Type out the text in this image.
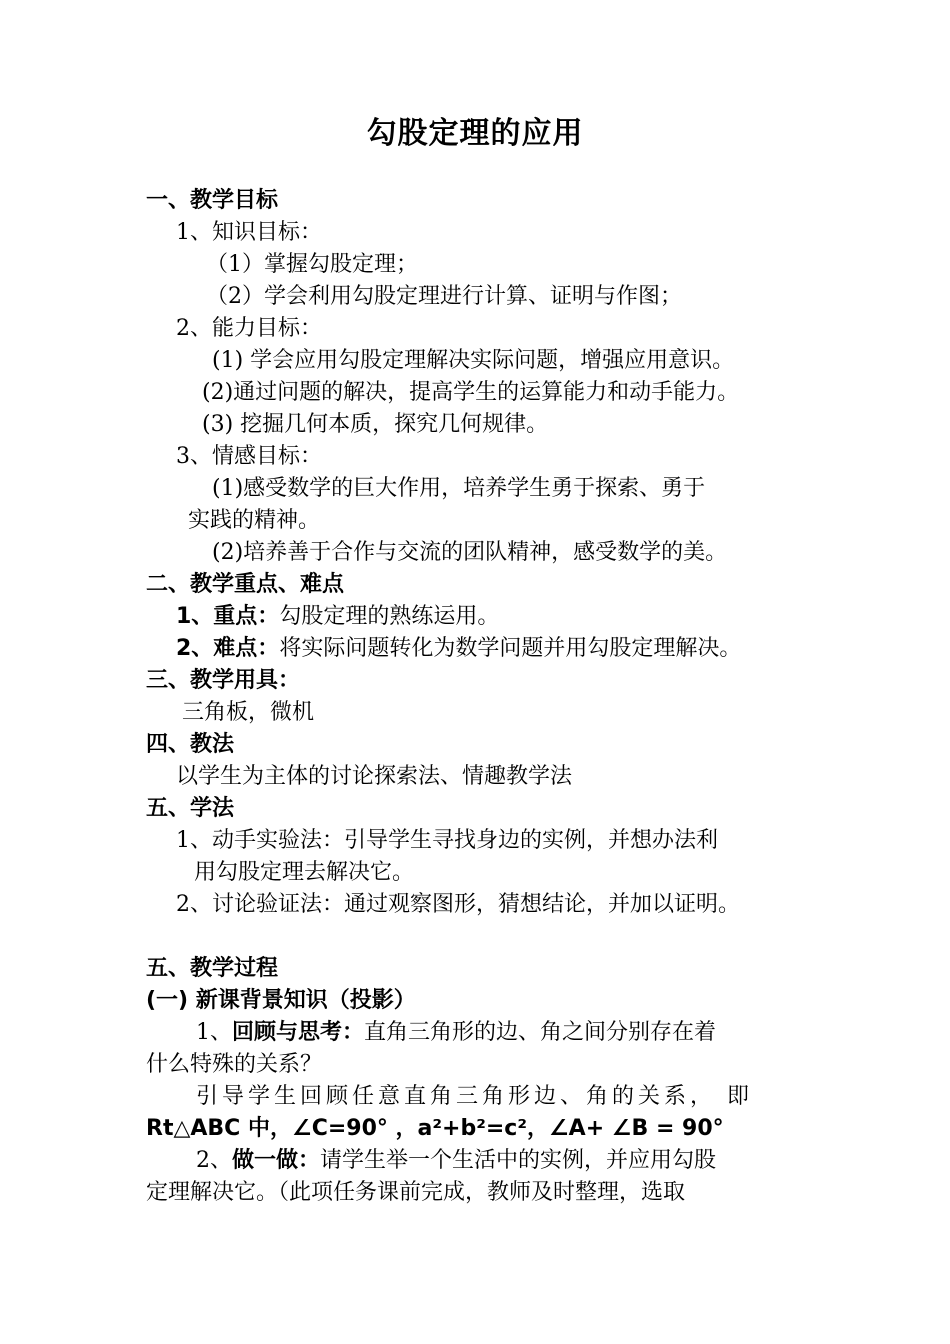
勾股定理的应用
一、教学目标
1、知识目标：
（1）掌握勾股定理；
（2）学会利用勾股定理进行计算、证明与作图；
2、能力目标：
(1) 学会应用勾股定理解决实际问题，增强应用意识。
(2)通过问题的解决，提高学生的运算能力和动手能力。
(3) 挖掘几何本质，探究几何规律。
3、情感目标：
(1)感受数学的巨大作用，培养学生勇于探索、勇于
实践的精神。
(2)培养善于合作与交流的团队精神，感受数学的美。
二、教学重点、难点
1、重点：勾股定理的熟练运用。
2、难点：将实际问题转化为数学问题并用勾股定理解决。
三、教学用具：
三角板，微机
四、教法
以学生为主体的讨论探索法、情趣教学法
五、学法
1、动手实验法：引导学生寻找身边的实例，并想办法利
用勾股定理去解决它。
2、讨论验证法：通过观察图形，猜想结论，并加以证明。
五、教学过程
(一) 新课背景知识（投影）
1、回顾与思考：直角三角形的边、角之间分别存在着
什么特殊的关系？
引导学生回顾任意直角三角形边、角的关系， 即
Rt△ABC 中，∠C=90° ，a²+b²=c²，∠A+ ∠B = 90°
2、做一做：请学生举一个生活中的实例，并应用勾股
定理解决它。（此项任务课前完成，教师及时整理，选取
